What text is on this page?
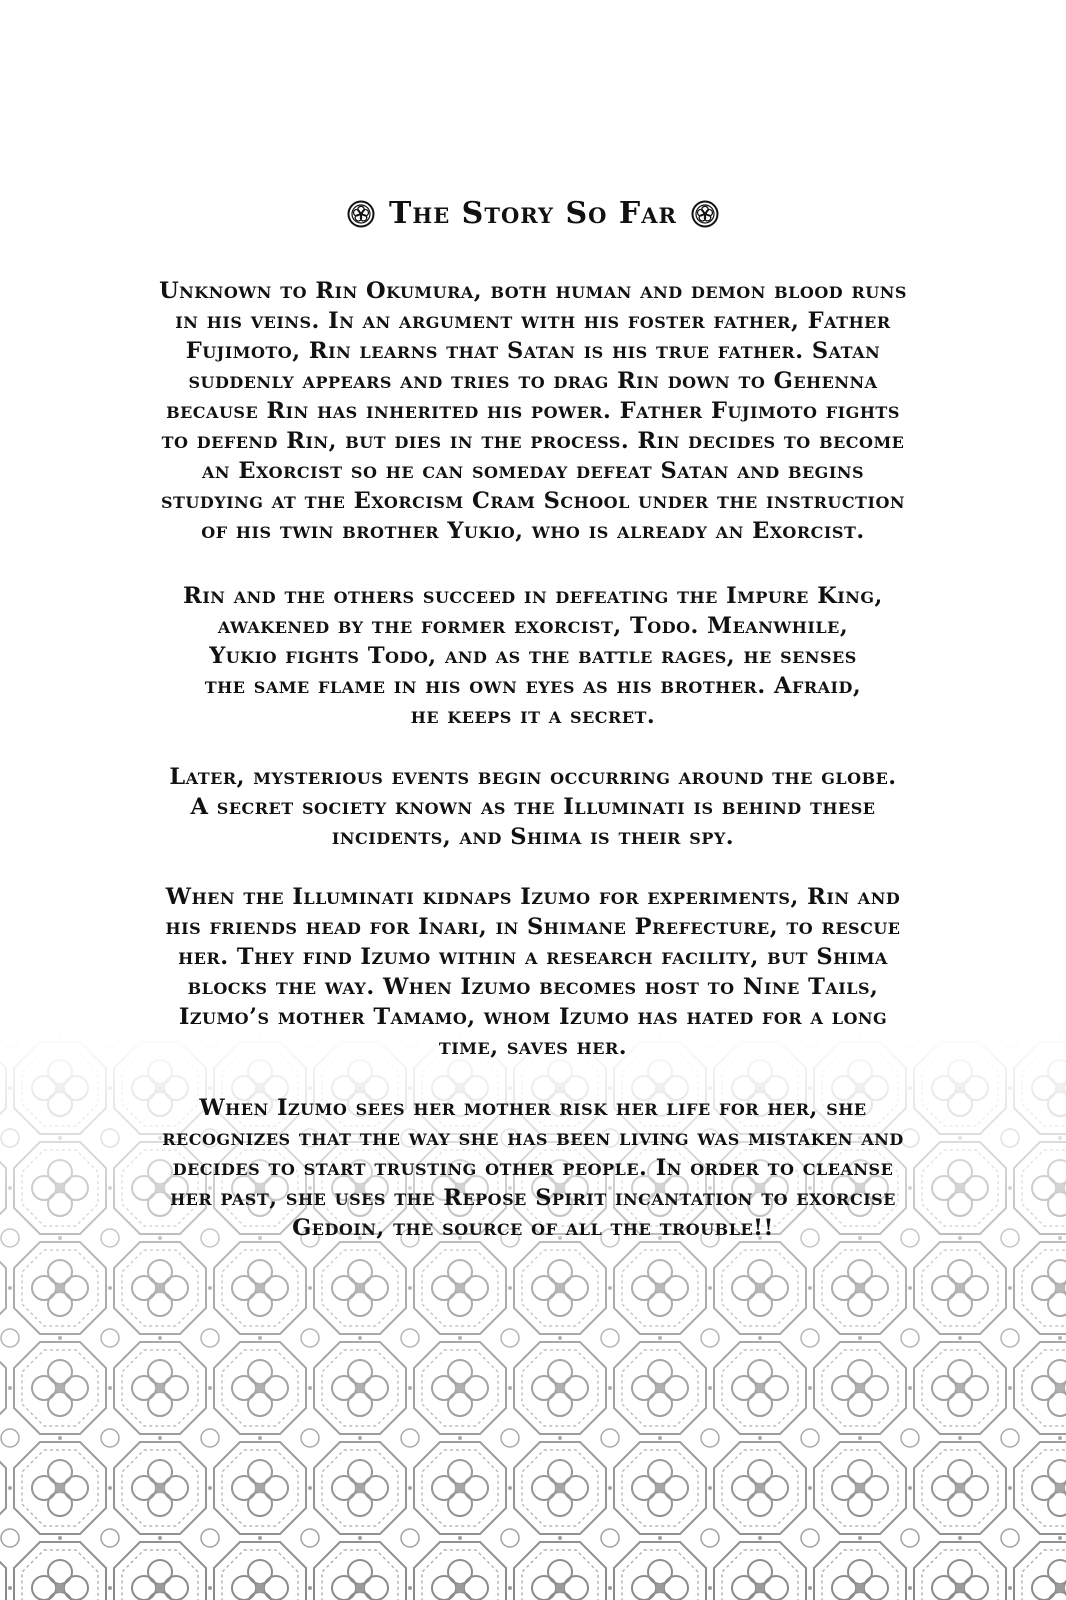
The Story So Far
Unknown to Rin Okumura, both human and demon blood runs
in his veins. In an argument with his foster father, Father
Fujimoto, Rin learns that Satan is his true father. Satan
suddenly appears and tries to drag Rin down to Gehenna
because Rin has inherited his power. Father Fujimoto fights
to defend Rin, but dies in the process. Rin decides to become
an Exorcist so he can someday defeat Satan and begins
studying at the Exorcism Cram School under the instruction
of his twin brother Yukio, who is already an Exorcist.
Rin and the others succeed in defeating the Impure King,
awakened by the former exorcist, Todo. Meanwhile,
Yukio fights Todo, and as the battle rages, he senses
the same flame in his own eyes as his brother. Afraid,
he keeps it a secret.
Later, mysterious events begin occurring around the globe.
A secret society known as the Illuminati is behind these
incidents, and Shima is their spy.
When the Illuminati kidnaps Izumo for experiments, Rin and
his friends head for Inari, in Shimane Prefecture, to rescue
her. They find Izumo within a research facility, but Shima
blocks the way. When Izumo becomes host to Nine Tails,
Izumo’s mother Tamamo, whom Izumo has hated for a long
time, saves her.
When Izumo sees her mother risk her life for her, she
recognizes that the way she has been living was mistaken and
decides to start trusting other people. In order to cleanse
her past, she uses the Repose Spirit incantation to exorcise
Gedoin, the source of all the trouble!!
